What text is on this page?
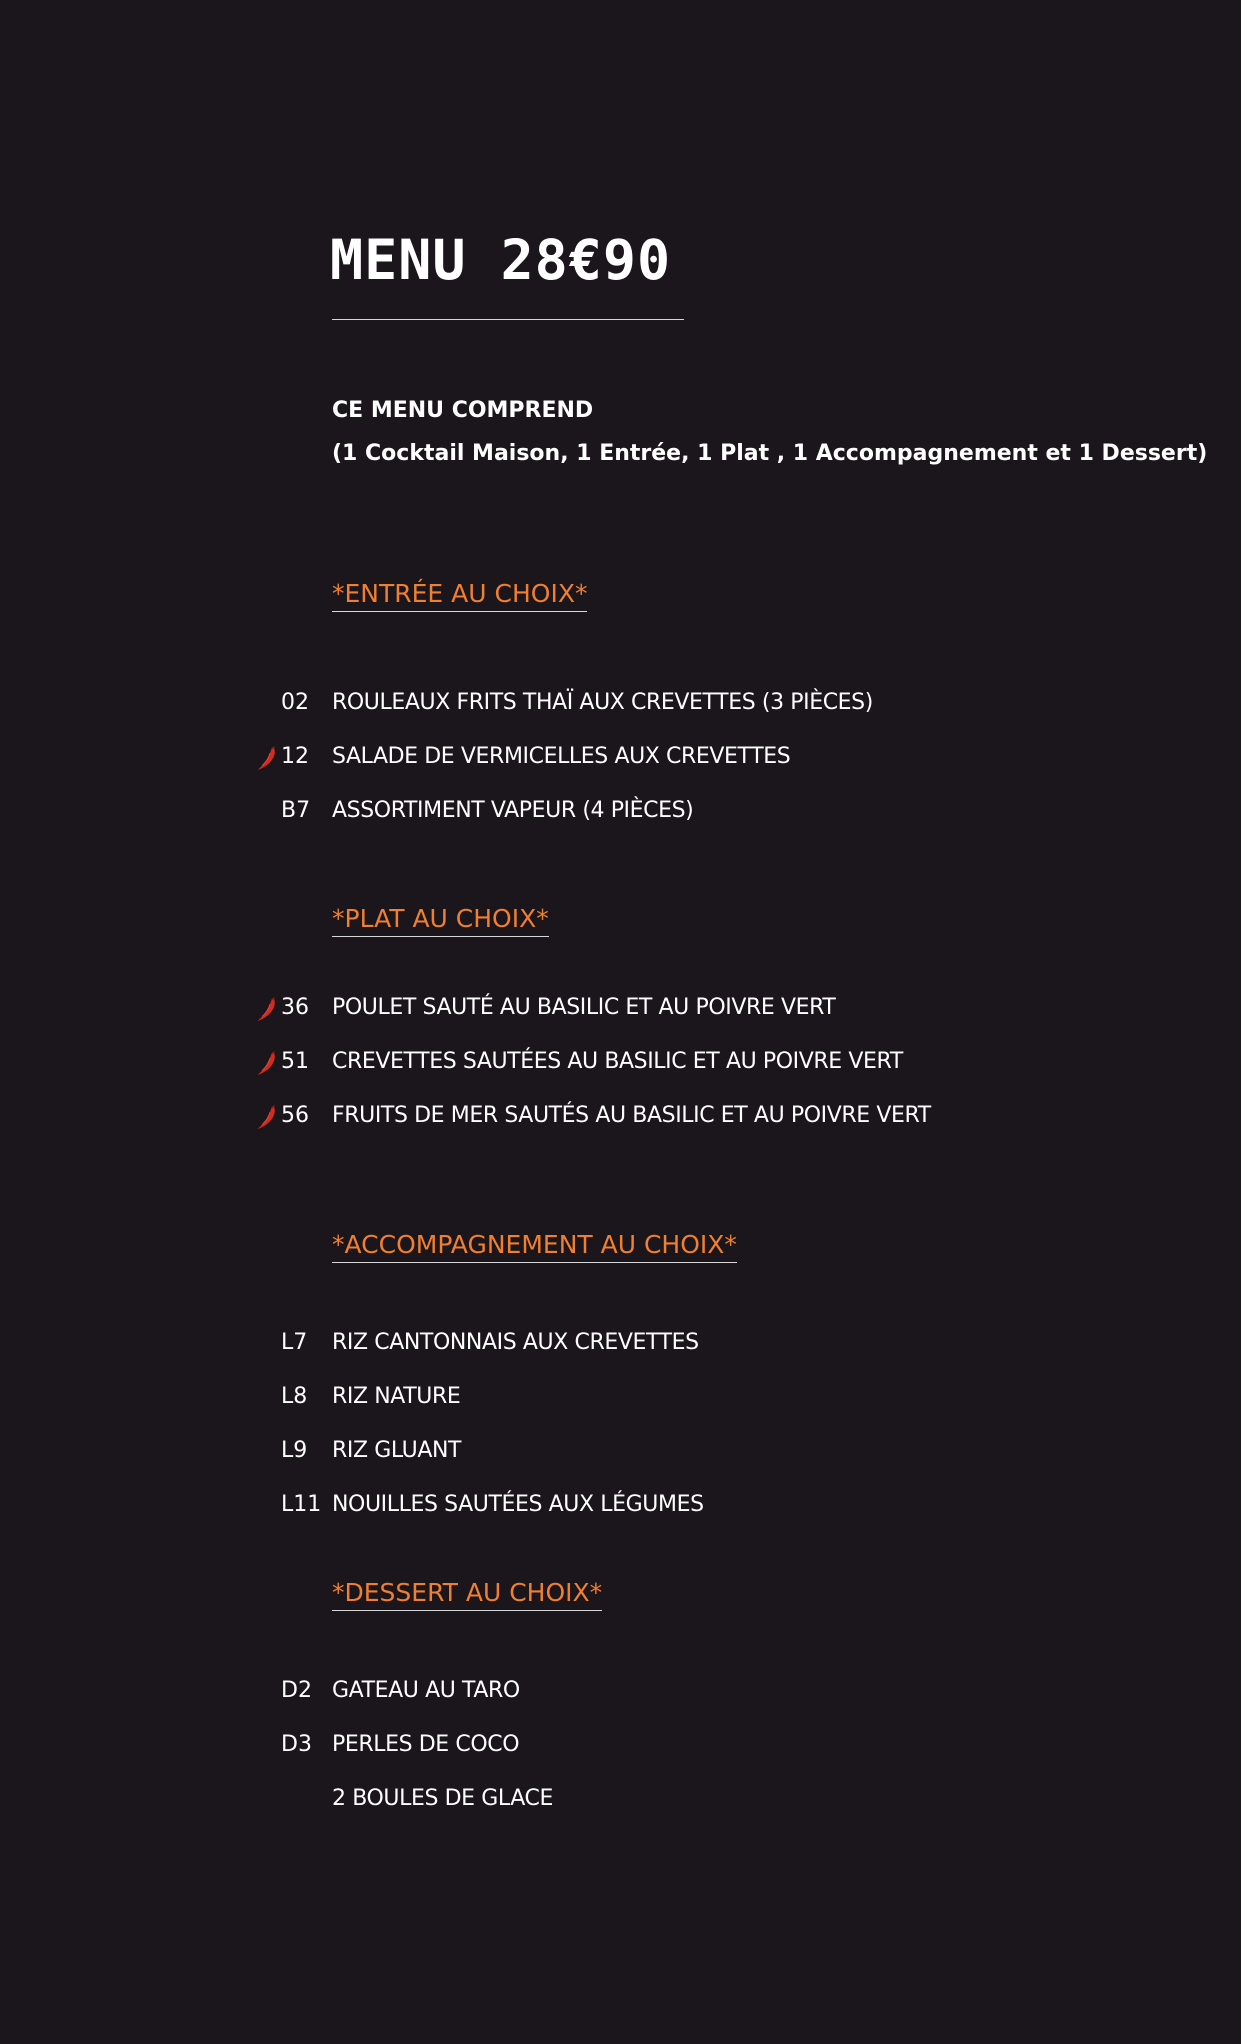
MENU 28€90
CE MENU COMPREND
(1 Cocktail Maison, 1 Entrée, 1 Plat , 1 Accompagnement et 1 Dessert)
*ENTRÉE AU CHOIX*
02 ROULEAUX FRITS THAÏ AUX CREVETTES (3 PIÈCES)
12 SALADE DE VERMICELLES AUX CREVETTES
B7 ASSORTIMENT VAPEUR (4 PIÈCES)
*PLAT AU CHOIX*
36 POULET SAUTÉ AU BASILIC ET AU POIVRE VERT
51 CREVETTES SAUTÉES AU BASILIC ET AU POIVRE VERT
56 FRUITS DE MER SAUTÉS AU BASILIC ET AU POIVRE VERT
*ACCOMPAGNEMENT AU CHOIX*
L7 RIZ CANTONNAIS AUX CREVETTES
L8 RIZ NATURE
L9 RIZ GLUANT
L11 NOUILLES SAUTÉES AUX LÉGUMES
*DESSERT AU CHOIX*
D2 GATEAU AU TARO
D3 PERLES DE COCO
2 BOULES DE GLACE
